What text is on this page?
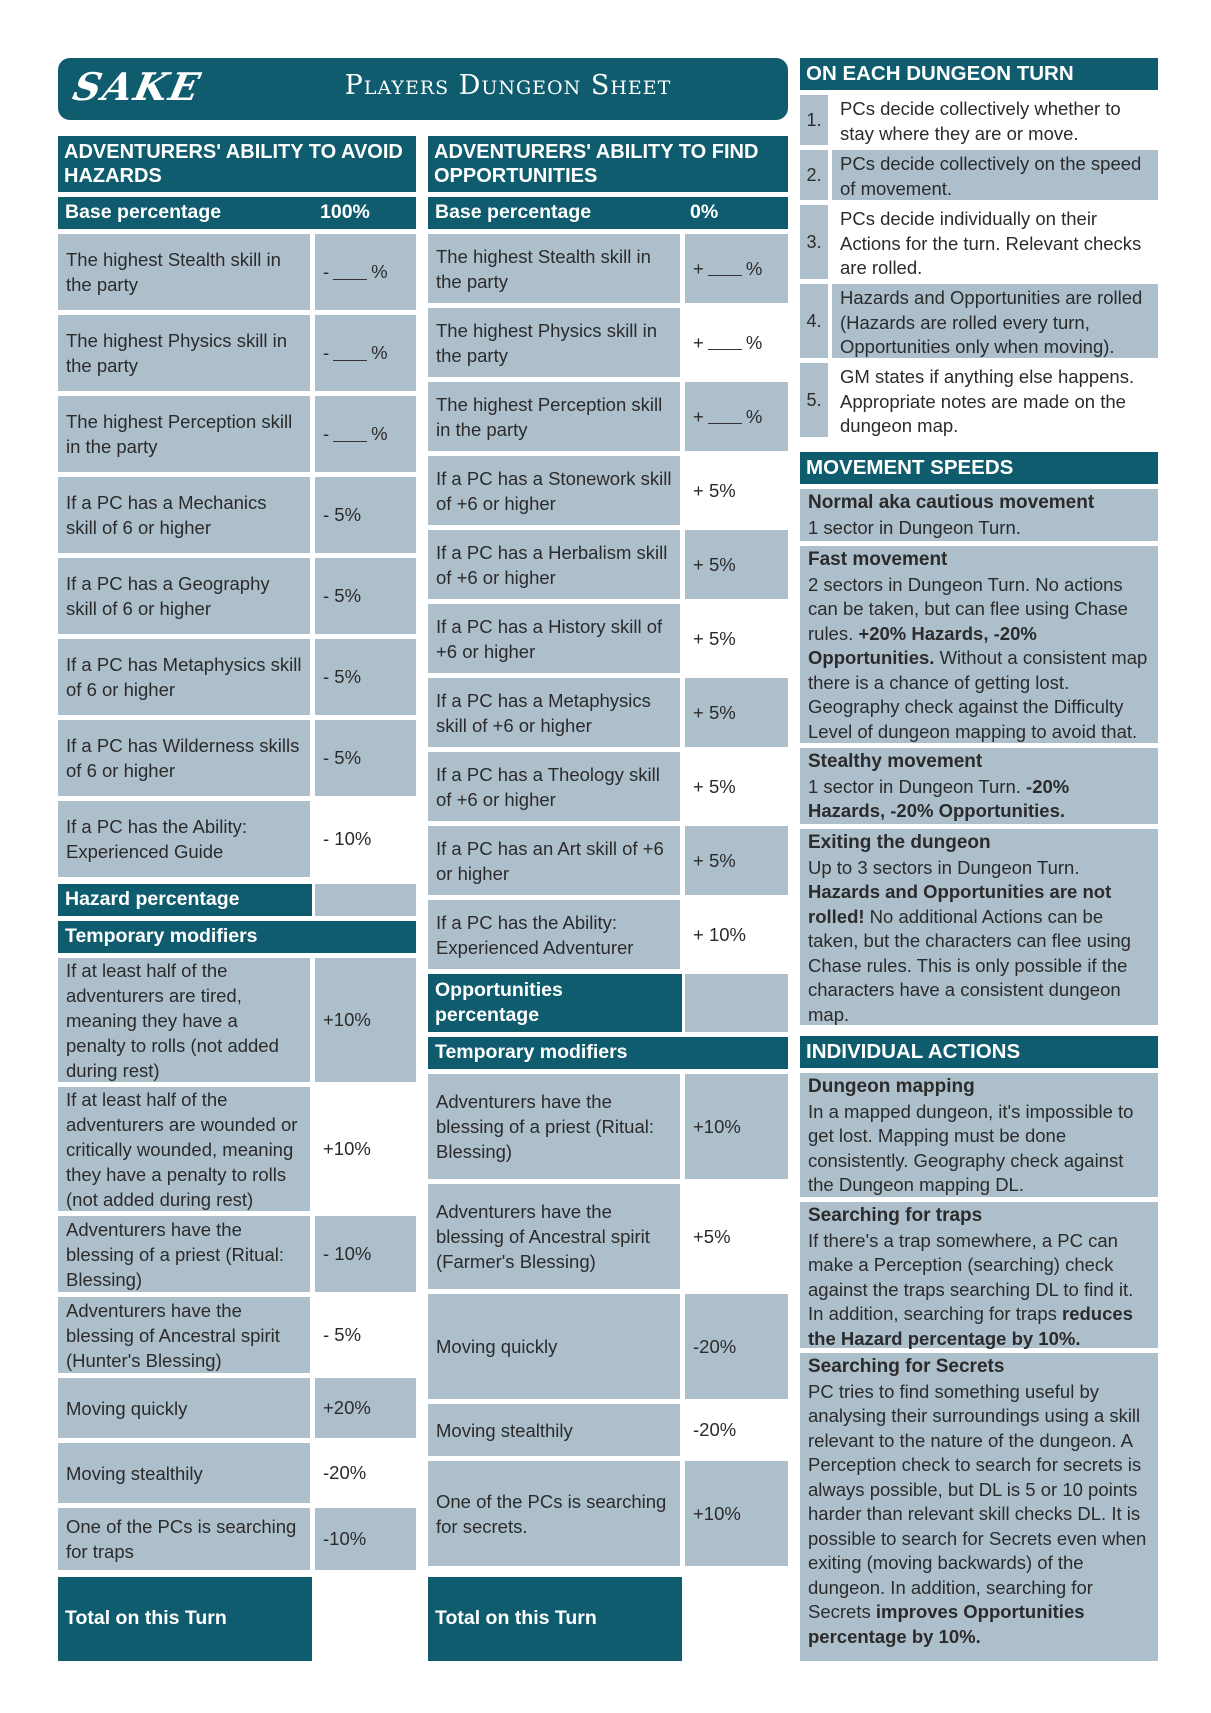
SAKE	Players Dungeon Sheet
ADVENTURERS' ABILITY TO AVOID HAZARDS
Base percentage	100%
The highest Stealth skill in the party
- %
The highest Physics skill in the party
- %
The highest Perception skill in the party
- %
If a PC has a Mechanics skill of 6 or higher
- 5%
If a PC has a Geography skill of 6 or higher
- 5%
If a PC has Metaphysics skill of 6 or higher
- 5%
If a PC has Wilderness skills of 6 or higher
- 5%
If a PC has the Ability: Experienced Guide
- 10%
Hazard percentage
Temporary modifiers
If at least half of the adventurers are tired, meaning they have a penalty to rolls (not added during rest)
+10%
If at least half of the adventurers are wounded or critically wounded, meaning they have a penalty to rolls (not added during rest)
+10%
Adventurers have the blessing of a priest (Ritual: Blessing)
- 10%
Adventurers have the blessing of Ancestral spirit (Hunter's Blessing)
- 5%
Moving quickly	+20%
Moving stealthily	-20%
One of the PCs is searching for traps
-10%
Total on this Turn
ADVENTURERS' ABILITY TO FIND OPPORTUNITIES
Base percentage	0%
The highest Stealth skill in the party
+ %
The highest Physics skill in the party
+ %
The highest Perception skill in the party
+ %
If a PC has a Stonework skill of +6 or higher
+ 5%
If a PC has a Herbalism skill of +6 or higher
+ 5%
If a PC has a History skill of +6 or higher
+ 5%
If a PC has a Metaphysics skill of +6 or higher
+ 5%
If a PC has a Theology skill of +6 or higher
+ 5%
If a PC has an Art skill of +6 or higher
+ 5%
If a PC has the Ability: Experienced Adventurer
+ 10%
Opportunities percentage
Temporary modifiers
Adventurers have the blessing of a priest (Ritual: Blessing)
+10%
Adventurers have the blessing of Ancestral spirit (Farmer's Blessing)
+5%
Moving quickly	-20%
Moving stealthily	-20%
One of the PCs is searching for secrets.
+10%
Total on this Turn
ON EACH DUNGEON TURN
1.
PCs decide collectively whether to stay where they are or move.
2.
PCs decide collectively on the speed of movement.
3.
PCs decide individually on their Actions for the turn. Relevant checks are rolled.
4.
Hazards and Opportunities are rolled (Hazards are rolled every turn, Opportunities only when moving).
5.
GM states if anything else happens. Appropriate notes are made on the dungeon map.
MOVEMENT SPEEDS
Normal aka cautious movement
1 sector in Dungeon Turn.
Fast movement
2 sectors in Dungeon Turn. No actions can be taken, but can flee using Chase rules. +20% Hazards, -20% Opportunities. Without a consistent map there is a chance of getting lost. Geography check against the Difficulty Level of dungeon mapping to avoid that.
Stealthy movement
1 sector in Dungeon Turn. -20% Hazards, -20% Opportunities.
Exiting the dungeon
Up to 3 sectors in Dungeon Turn. Hazards and Opportunities are not rolled! No additional Actions can be taken, but the characters can flee using Chase rules. This is only possible if the characters have a consistent dungeon map.
INDIVIDUAL ACTIONS
Dungeon mapping
In a mapped dungeon, it's impossible to get lost. Mapping must be done consistently. Geography check against the Dungeon mapping DL.
Searching for traps
If there's a trap somewhere, a PC can make a Perception (searching) check against the traps searching DL to find it. In addition, searching for traps reduces the Hazard percentage by 10%.
Searching for Secrets
PC tries to find something useful by analysing their surroundings using a skill relevant to the nature of the dungeon. A Perception check to search for secrets is always possible, but DL is 5 or 10 points harder than relevant skill checks DL. It is possible to search for Secrets even when exiting (moving backwards) of the dungeon. In addition, searching for Secrets improves Opportunities percentage by 10%.
